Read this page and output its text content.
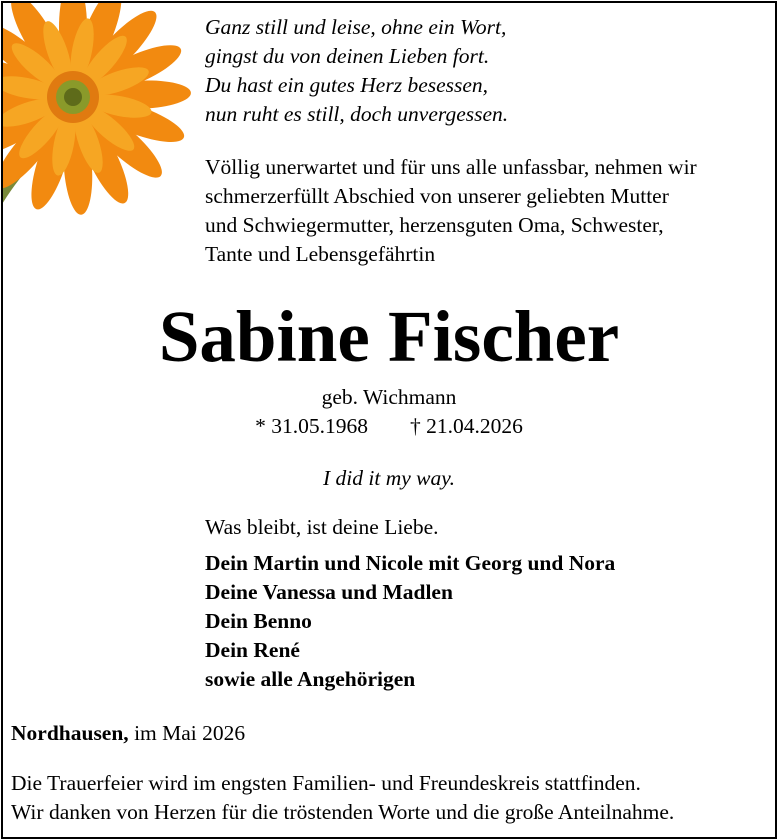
Ganz still und leise, ohne ein Wort,
gingst du von deinen Lieben fort.
Du hast ein gutes Herz besessen,
nun ruht es still, doch unvergessen.
Völlig unerwartet und für uns alle unfassbar, nehmen wir
schmerzerfüllt Abschied von unserer geliebten Mutter
und Schwiegermutter, herzensguten Oma, Schwester,
Tante und Lebensgefährtin
Sabine Fischer
geb. Wichmann
* 31.05.1968 † 21.04.2026
I did it my way.
Was bleibt, ist deine Liebe.
Dein Martin und Nicole mit Georg und Nora
Deine Vanessa und Madlen
Dein Benno
Dein René
sowie alle Angehörigen
Nordhausen, im Mai 2026
Die Trauerfeier wird im engsten Familien- und Freundeskreis stattfinden.
Wir danken von Herzen für die tröstenden Worte und die große Anteilnahme.
